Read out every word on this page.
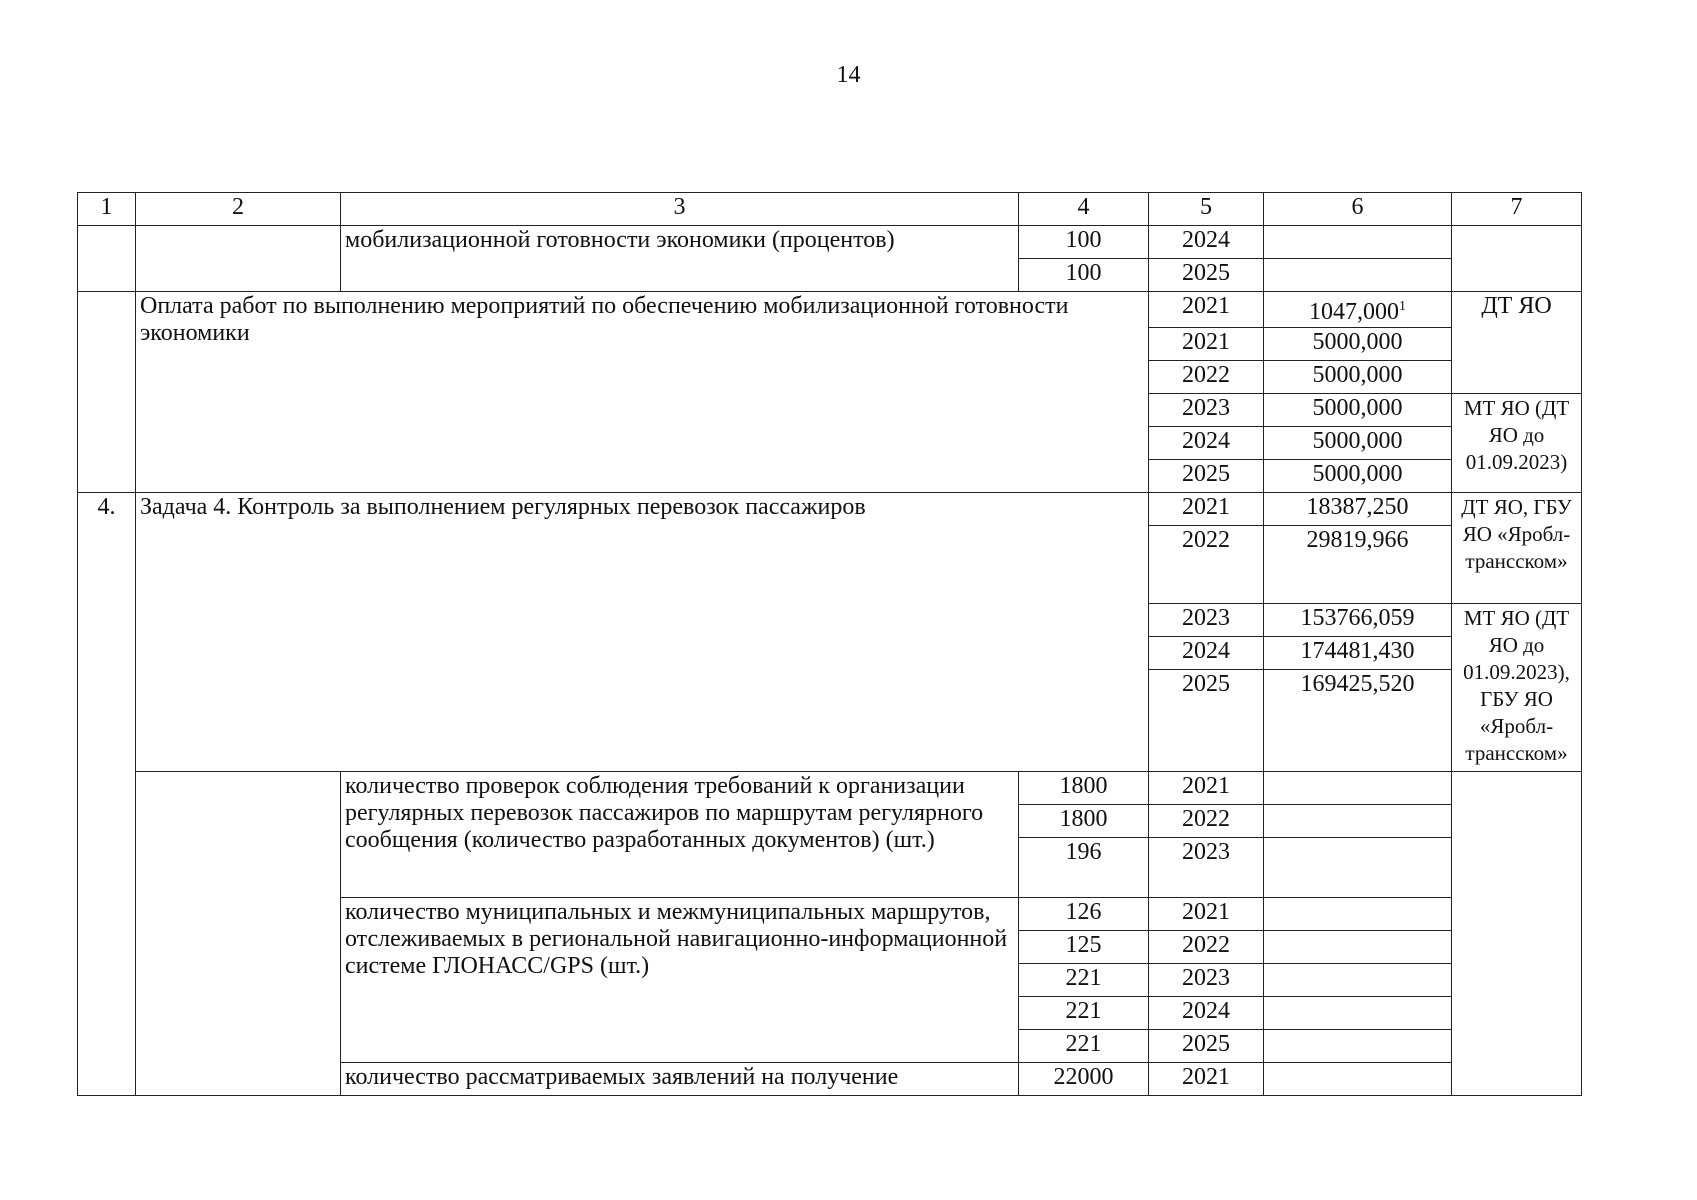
14
1	2	3	4	5	6	7
		мобилизационной готовности экономики (процентов)	100	2024		
			100	2025		
	Оплата работ по выполнению мероприятий по обеспечению мобилизационной готовности экономики			2021	1047,000$^1$	ДТ ЯО
				2021	5000,000	
				2022	5000,000	
				2023	5000,000	МТ ЯО (ДТ ЯО до 01.09.2023)
				2024	5000,000	
				2025	5000,000	
4.	Задача 4. Контроль за выполнением регулярных перевозок пассажиров			2021	18387,250	ДТ ЯО, ГБУ ЯО «Яробл-трансском»
				2022	29819,966	
				2023	153766,059	МТ ЯО (ДТ ЯО до 01.09.2023), ГБУ ЯО «Яробл-трансском»
				2024	174481,430	
				2025	169425,520	
		количество проверок соблюдения требований к организации регулярных перевозок пассажиров по маршрутам регулярного сообщения (количество разработанных документов) (шт.)	1800	2021		
			1800	2022		
			196	2023		
		количество муниципальных и межмуниципальных маршрутов, отслеживаемых в региональной навигационно-информационной системе ГЛОНАСС/GPS (шт.)	126	2021		
			125	2022		
			221	2023		
			221	2024		
			221	2025		
		количество рассматриваемых заявлений на получение	22000	2021		
